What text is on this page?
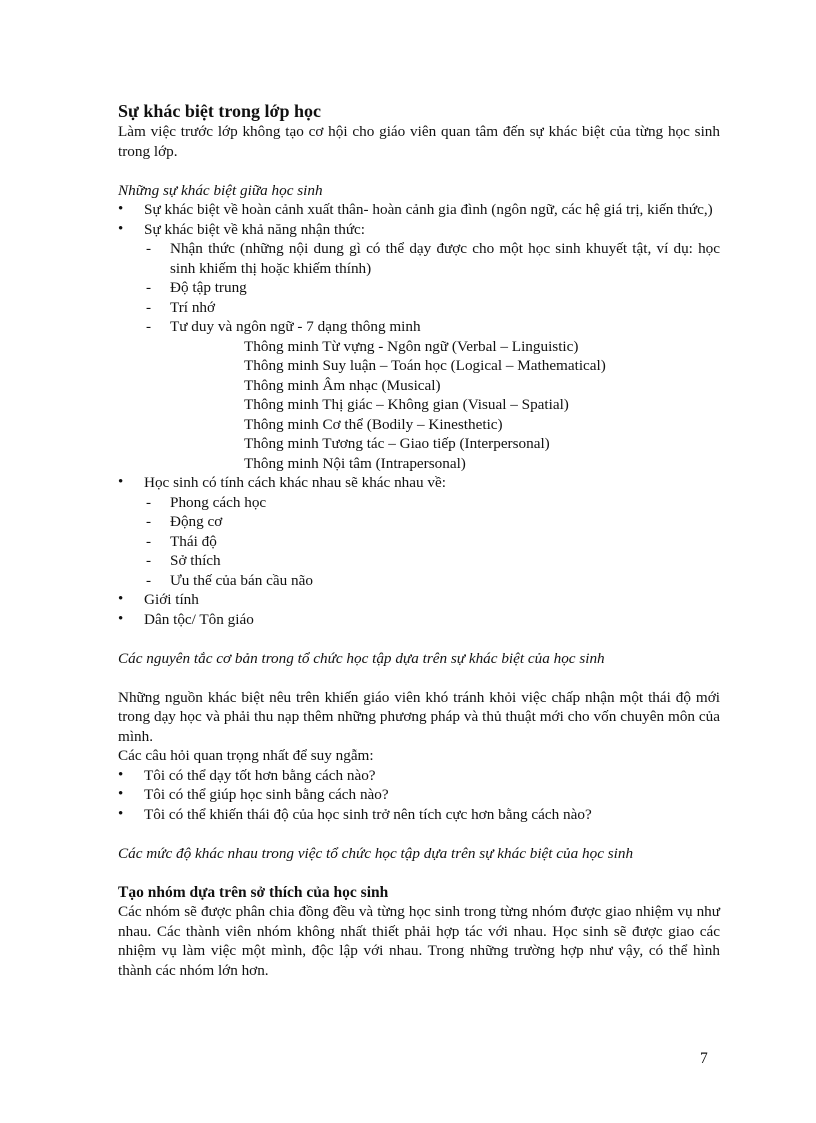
Sự khác biệt trong lớp học

Làm việc trước lớp không tạo cơ hội cho giáo viên quan tâm đến sự khác biệt của từng học sinh trong lớp.

Những sự khác biệt giữa học sinh

• Sự khác biệt về hoàn cảnh xuất thân- hoàn cảnh gia đình (ngôn ngữ, các hệ giá trị, kiến thức,)
• Sự khác biệt về khả năng nhận thức:
- Nhận thức (những nội dung gì có thể dạy được cho một học sinh khuyết tật, ví dụ: học sinh khiếm thị hoặc khiếm thính)
- Độ tập trung
- Trí nhớ
- Tư duy và ngôn ngữ - 7 dạng thông minh
Thông minh Từ vựng - Ngôn ngữ (Verbal – Linguistic)
Thông minh Suy luận – Toán học (Logical – Mathematical)
Thông minh Âm nhạc (Musical)
Thông minh Thị giác – Không gian (Visual – Spatial)
Thông minh Cơ thể (Bodily – Kinesthetic)
Thông minh Tương tác – Giao tiếp (Interpersonal)
Thông minh Nội tâm (Intrapersonal)
• Học sinh có tính cách khác nhau sẽ khác nhau về:
- Phong cách học
- Động cơ
- Thái độ
- Sở thích
- Ưu thế của bán cầu não
• Giới tính
• Dân tộc/ Tôn giáo

Các nguyên tắc cơ bản trong tổ chức học tập dựa trên sự khác biệt của học sinh

Những nguồn khác biệt nêu trên khiến giáo viên khó tránh khỏi việc chấp nhận một thái độ mới trong dạy học và phải thu nạp thêm những phương pháp và thủ thuật mới cho vốn chuyên môn của mình.

Các câu hỏi quan trọng nhất để suy ngẫm:

• Tôi có thể dạy tốt hơn bằng cách nào?
• Tôi có thể giúp học sinh bằng cách nào?
• Tôi có thể khiến thái độ của học sinh trở nên tích cực hơn bằng cách nào?

Các mức độ khác nhau trong việc tổ chức học tập dựa trên sự khác biệt của học sinh

Tạo nhóm dựa trên sở thích của học sinh

Các nhóm sẽ được phân chia đồng đều và từng học sinh trong từng nhóm được giao nhiệm vụ như nhau. Các thành viên nhóm không nhất thiết phải hợp tác với nhau. Học sinh sẽ được giao các nhiệm vụ làm việc một mình, độc lập với nhau. Trong những trường hợp như vậy, có thể hình thành các nhóm lớn hơn.

7
